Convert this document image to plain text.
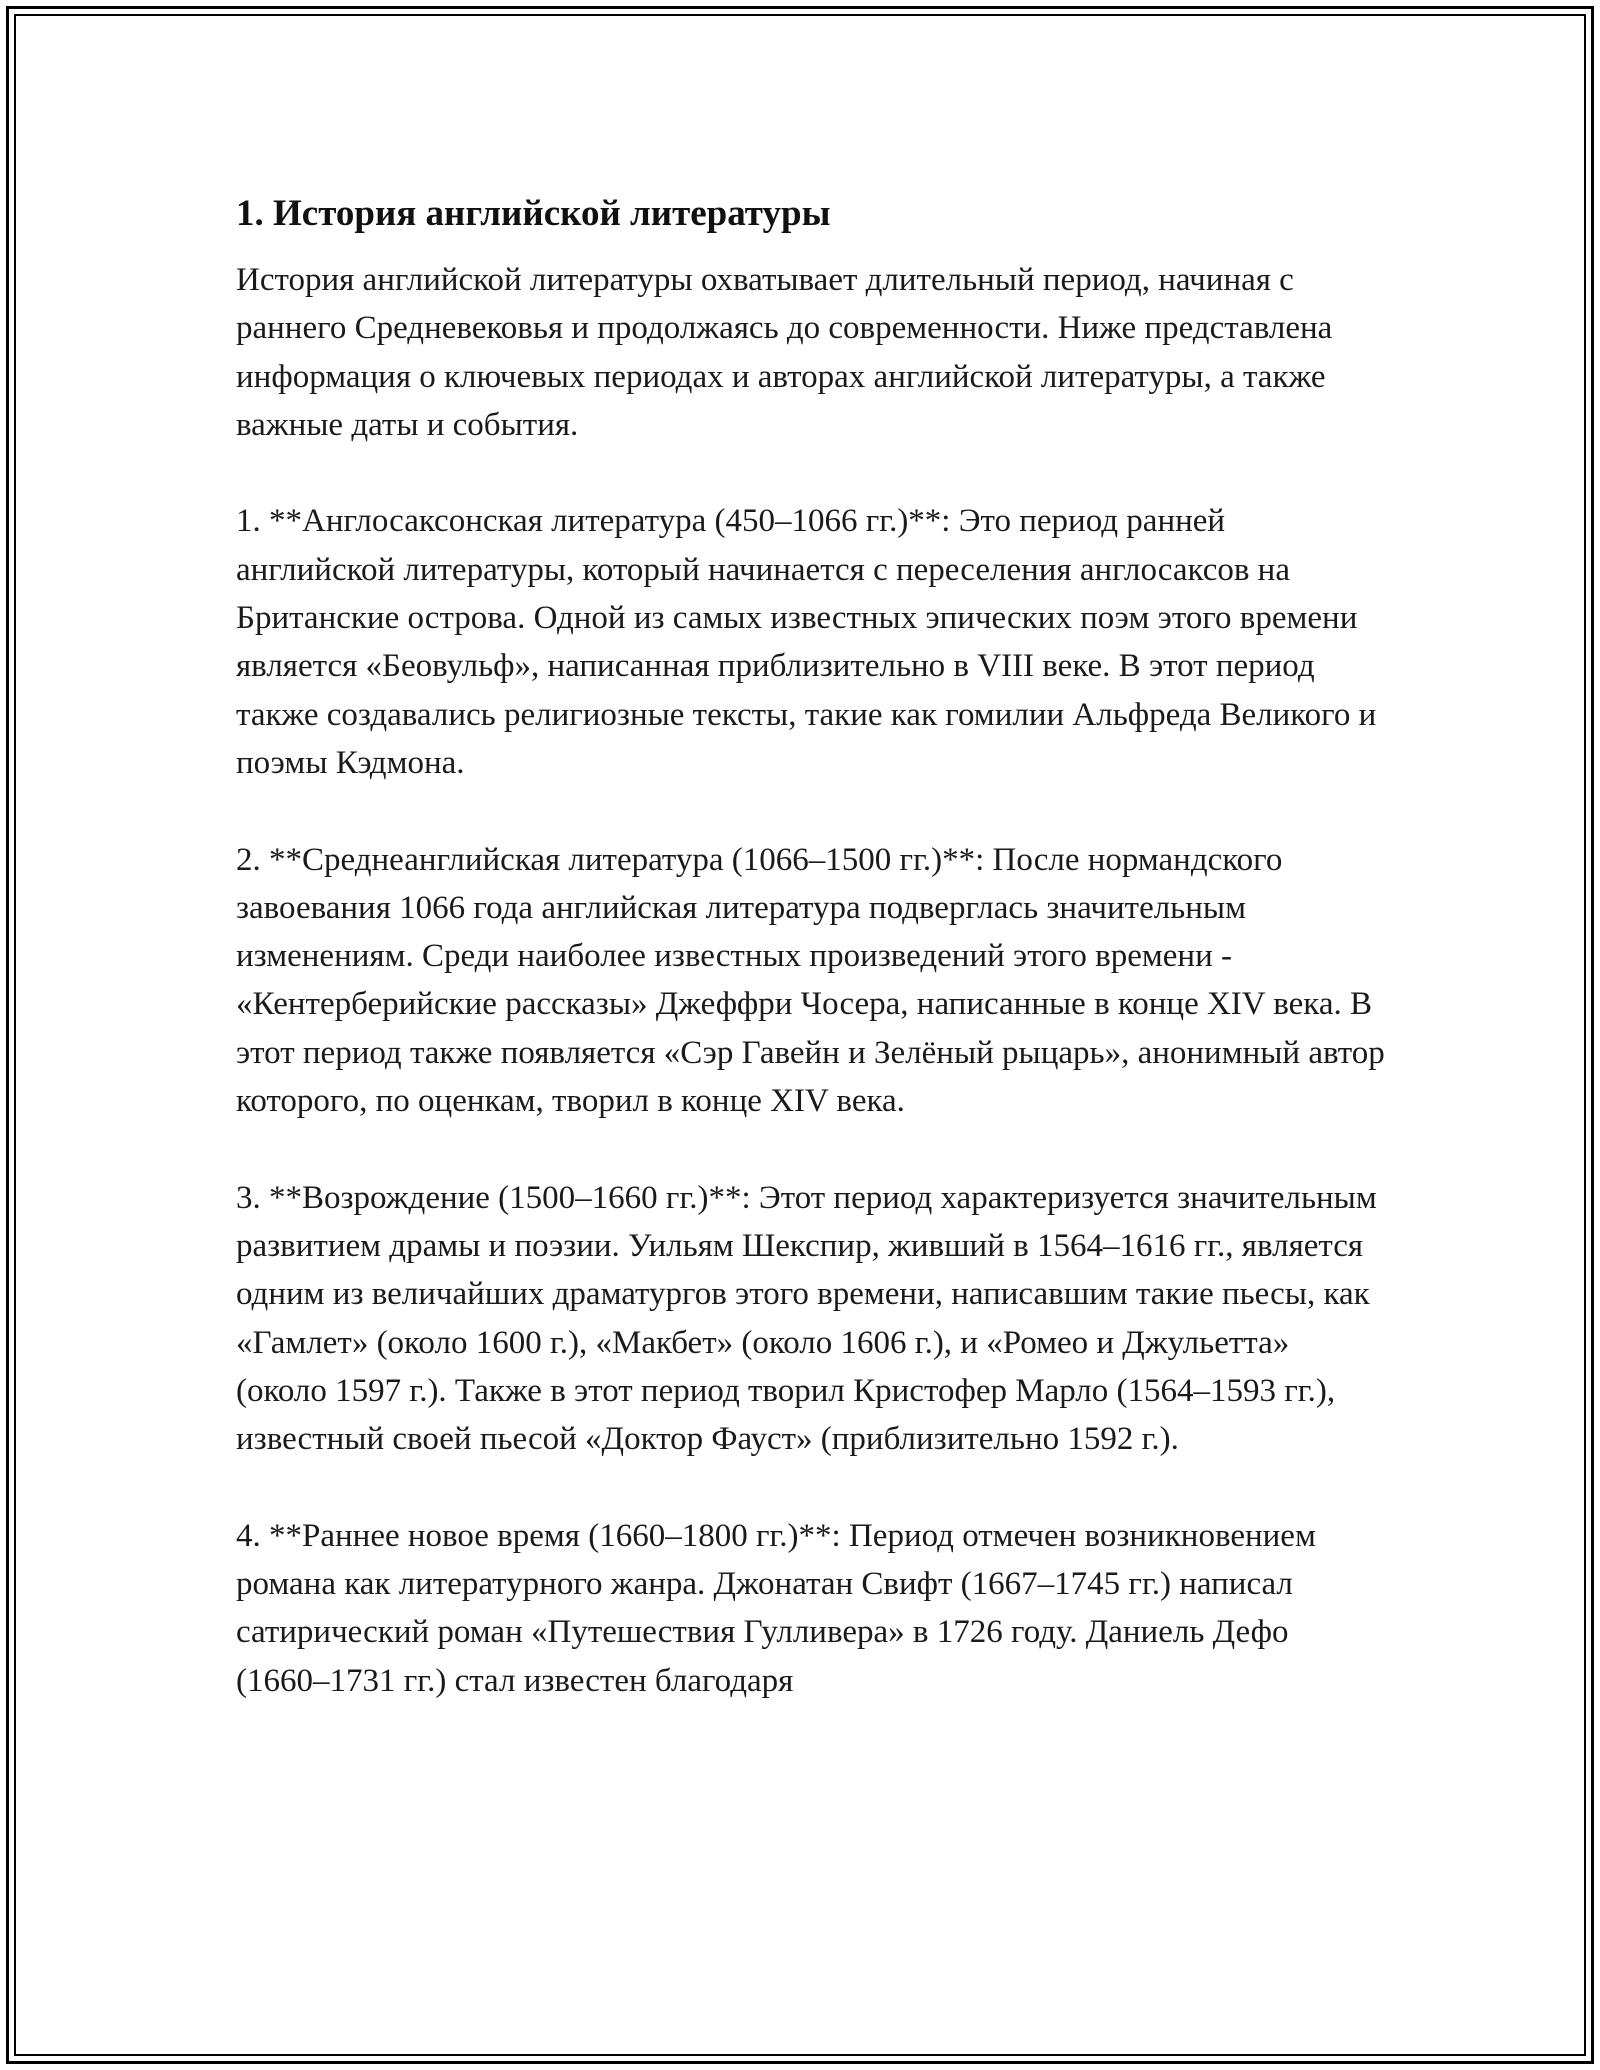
1. История английской литературы

История английской литературы охватывает длительный период, начиная с раннего Средневековья и продолжаясь до современности. Ниже представлена информация о ключевых периодах и авторах английской литературы, а также важные даты и события.

1. **Англосаксонская литература (450–1066 гг.)**: Это период ранней английской литературы, который начинается с переселения англосаксов на Британские острова. Одной из самых известных эпических поэм этого времени является «Беовульф», написанная приблизительно в VIII веке. В этот период также создавались религиозные тексты, такие как гомилии Альфреда Великого и поэмы Кэдмона.

2. **Среднеанглийская литература (1066–1500 гг.)**: После нормандского завоевания 1066 года английская литература подверглась значительным изменениям. Среди наиболее известных произведений этого времени - «Кентерберийские рассказы» Джеффри Чосера, написанные в конце XIV века. В этот период также появляется «Сэр Гавейн и Зелёный рыцарь», анонимный автор которого, по оценкам, творил в конце XIV века.

3. **Возрождение (1500–1660 гг.)**: Этот период характеризуется значительным развитием драмы и поэзии. Уильям Шекспир, живший в 1564–1616 гг., является одним из величайших драматургов этого времени, написавшим такие пьесы, как «Гамлет» (около 1600 г.), «Макбет» (около 1606 г.), и «Ромео и Джульетта» (около 1597 г.). Также в этот период творил Кристофер Марло (1564–1593 гг.), известный своей пьесой «Доктор Фауст» (приблизительно 1592 г.).

4. **Раннее новое время (1660–1800 гг.)**: Период отмечен возникновением романа как литературного жанра. Джонатан Свифт (1667–1745 гг.) написал сатирический роман «Путешествия Гулливера» в 1726 году. Даниель Дефо (1660–1731 гг.) стал известен благодаря
